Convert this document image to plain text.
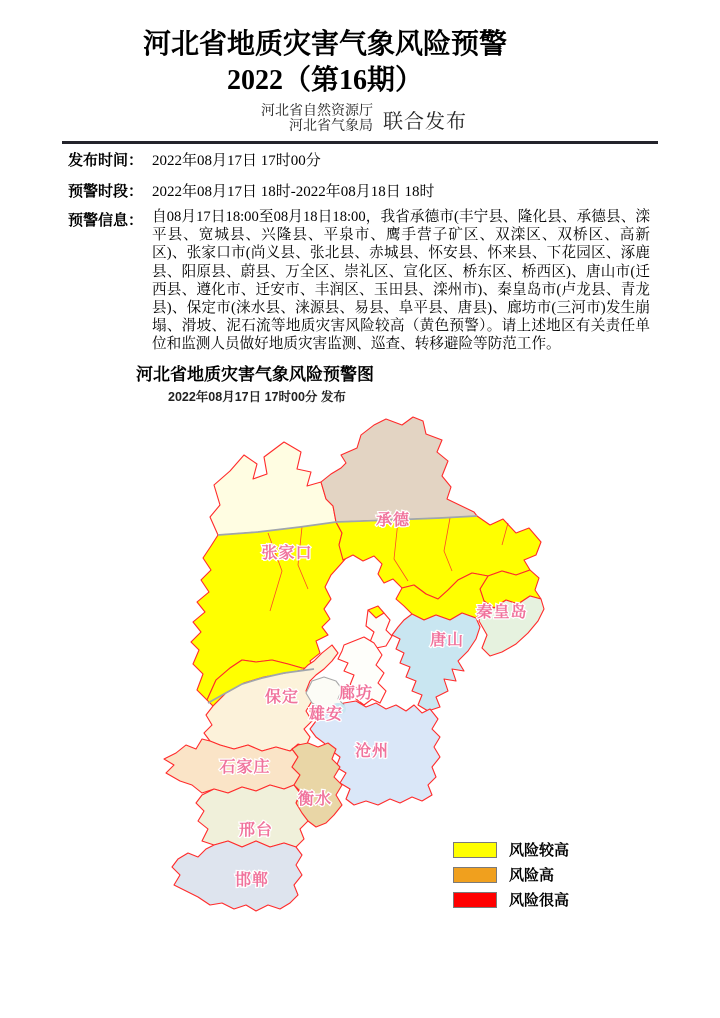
河北省地质灾害气象风险预警
2022（第16期）
河北省自然资源厅
河北省气象局 联合发布
发布时间： 2022年08月17日 17时00分
预警时段： 2022年08月17日 18时-2022年08月18日 18时
预警信息： 自08月17日18:00至08月18日18:00，我省承德市(丰宁县、隆化县、承德县、滦平县、宽城县、兴隆县、平泉市、鹰手营子矿区、双滦区、双桥区、高新区)、张家口市(尚义县、张北县、赤城县、怀安县、怀来县、下花园区、涿鹿县、阳原县、蔚县、万全区、崇礼区、宣化区、桥东区、桥西区)、唐山市(迁西县、遵化市、迁安市、丰润区、玉田县、滦州市)、秦皇岛市(卢龙县、青龙县)、保定市(涞水县、涞源县、易县、阜平县、唐县)、廊坊市(三河市)发生崩塌、滑坡、泥石流等地质灾害风险较高（黄色预警）。请上述地区有关责任单位和监测人员做好地质灾害监测、巡查、转移避险等防范工作。
河北省地质灾害气象风险预警图
2022年08月17日 17时00分 发布
张家口
承德
秦皇岛
唐山
廊坊
雄安
保定
沧州
石家庄
衡水
邢台
邯郸
风险较高
风险高
风险很高
